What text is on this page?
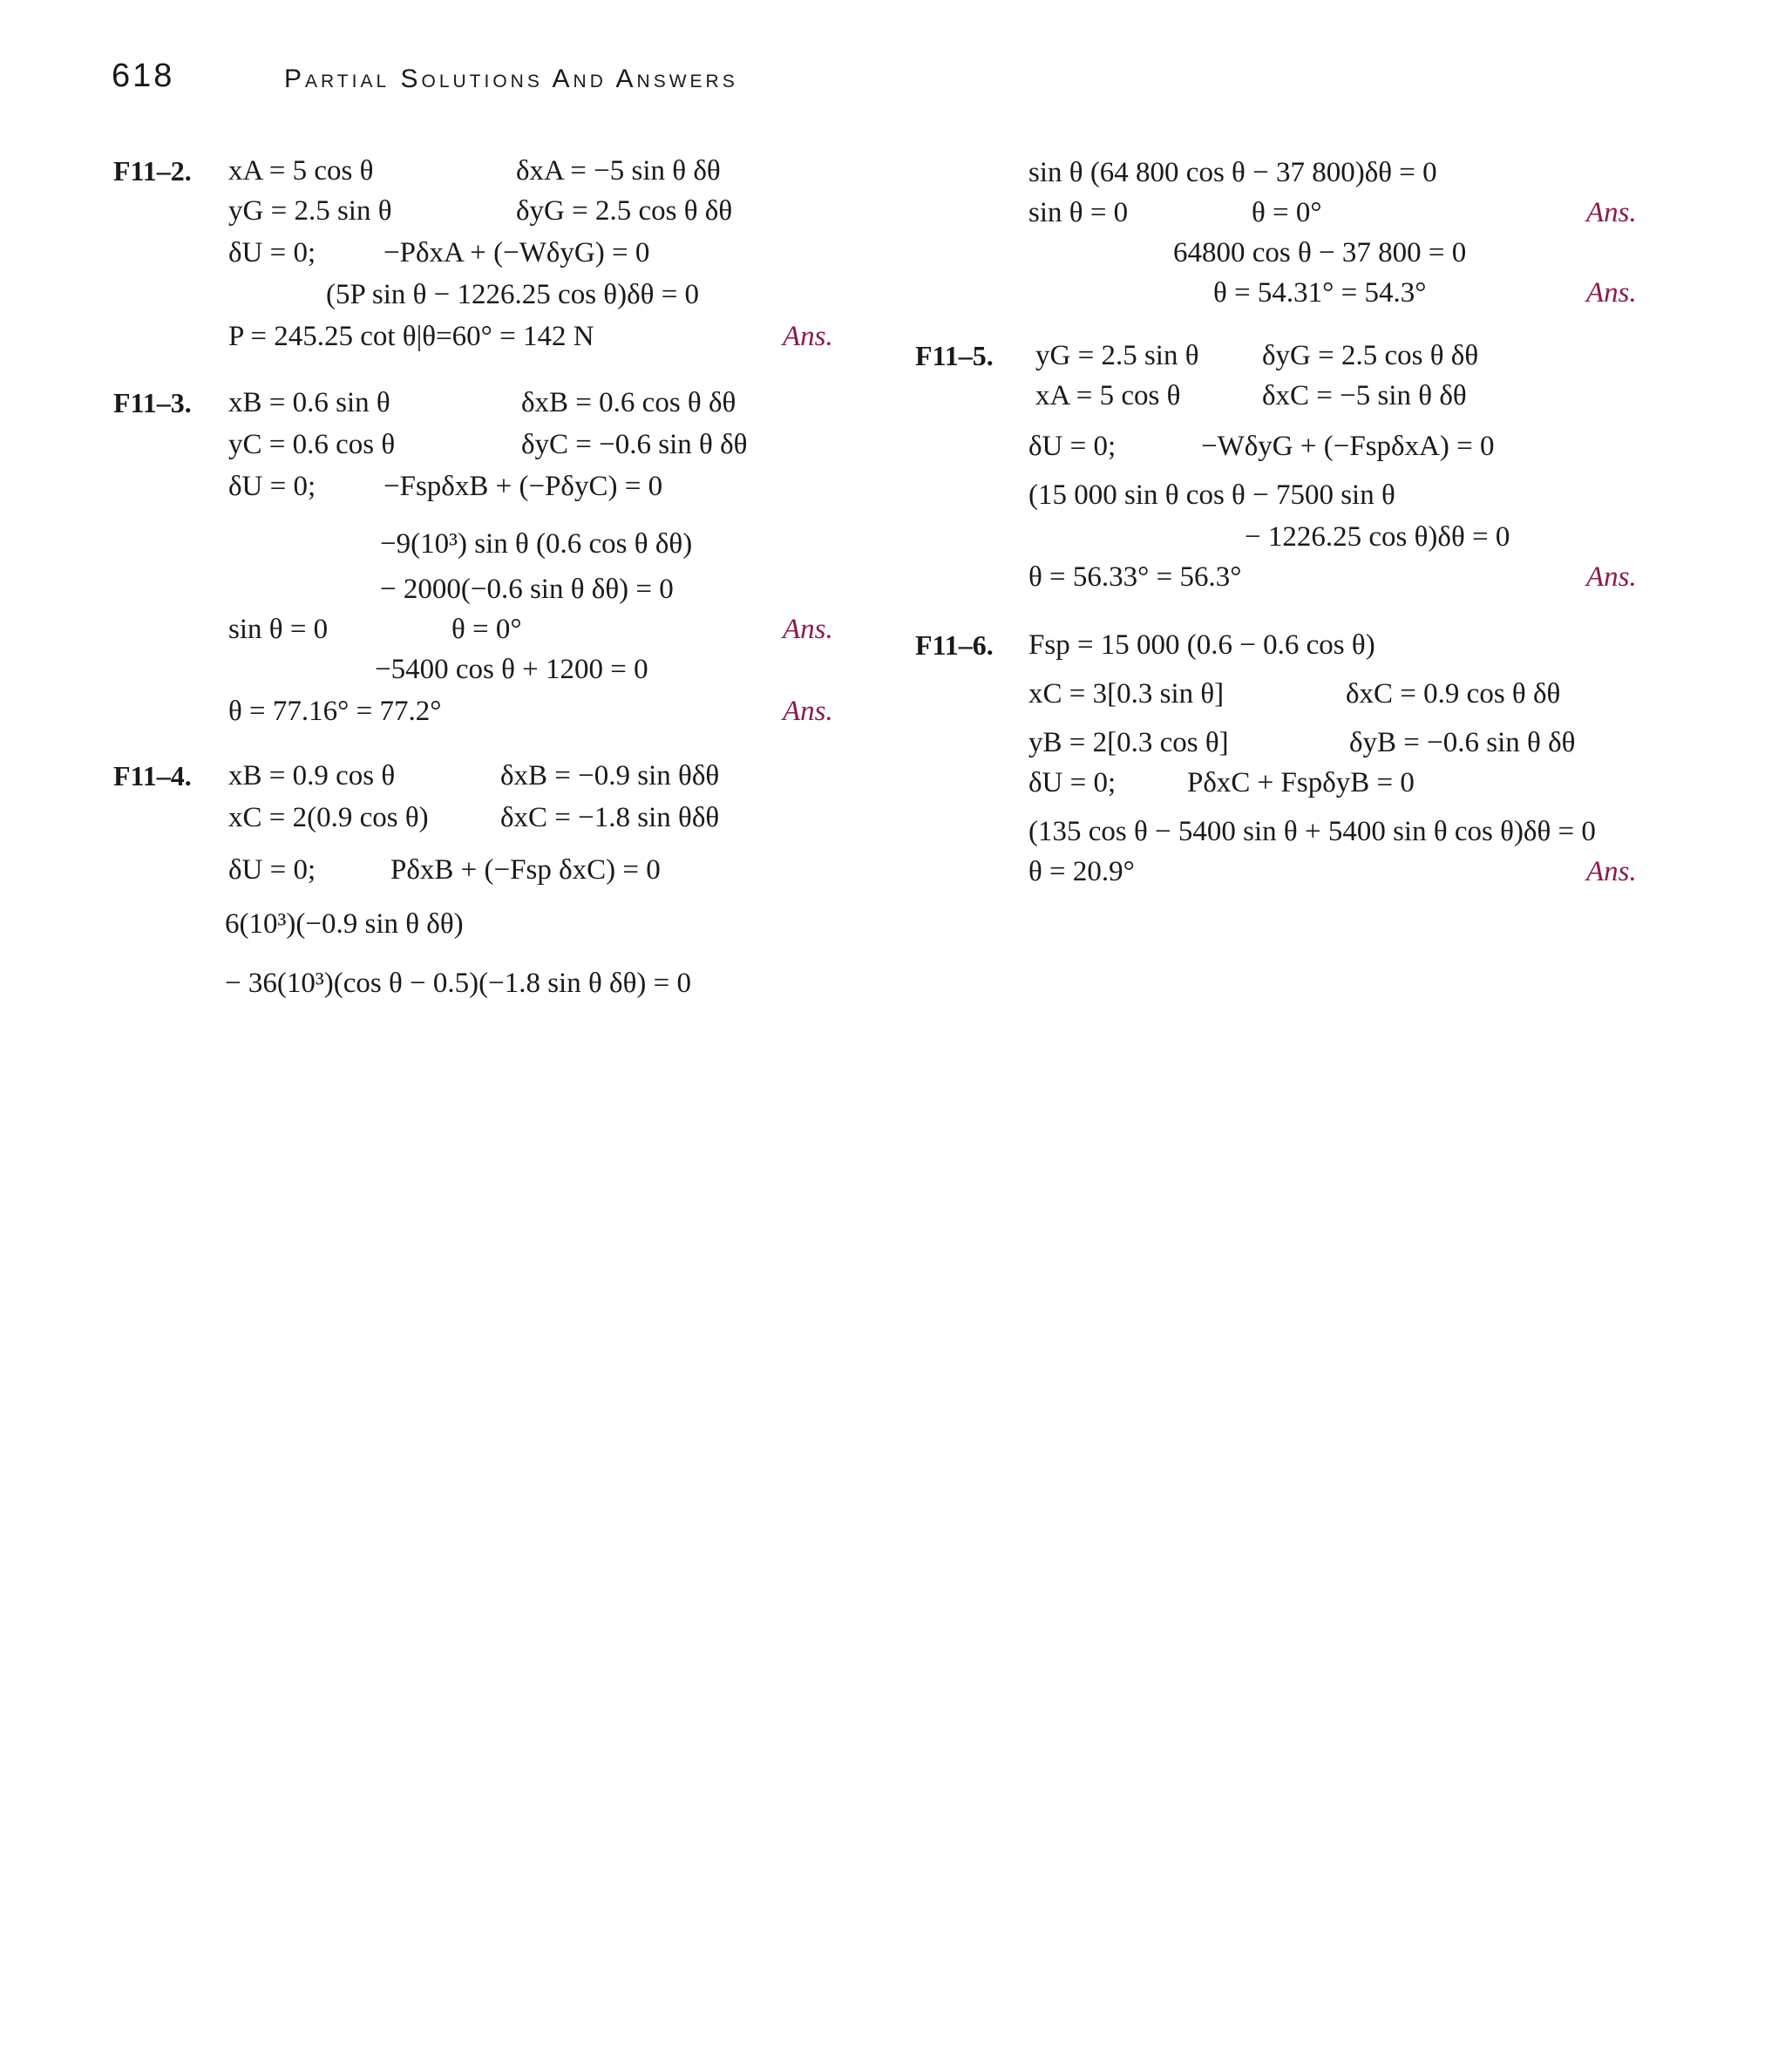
618	Partial Solutions And Answers
F11–2. xA = 5 cos θ	δxA = −5 sin θ δθ
yG = 2.5 sin θ	δyG = 2.5 cos θ δθ
δU = 0; −PδxA + (−WδyG) = 0
(5P sin θ − 1226.25 cos θ)δθ = 0
P = 245.25 cot θ|θ=60° = 142 N	Ans.
F11–3. xB = 0.6 sin θ	δxB = 0.6 cos θ δθ
yC = 0.6 cos θ	δyC = −0.6 sin θ δθ
δU = 0; −FspδxB + (−PδyC) = 0
−9(10³) sin θ (0.6 cos θ δθ)
− 2000(−0.6 sin θ δθ) = 0
sin θ = 0	θ = 0°	Ans.
−5400 cos θ + 1200 = 0
θ = 77.16° = 77.2°	Ans.
F11–4. xB = 0.9 cos θ	δxB = −0.9 sin θδθ
xC = 2(0.9 cos θ) δxC = −1.8 sin θδθ
δU = 0;	PδxB + (−Fsp δxC) = 0
6(10³)(−0.9 sin θ δθ)
− 36(10³)(cos θ − 0.5)(−1.8 sin θ δθ) = 0
sin θ (64 800 cos θ − 37 800)δθ = 0
sin θ = 0	θ = 0°	Ans.
64800 cos θ − 37 800 = 0
θ = 54.31° = 54.3°	Ans.
F11–5. yG = 2.5 sin θ δyG = 2.5 cos θ δθ
xA = 5 cos θ	δxC = −5 sin θ δθ
δU = 0;	−WδyG + (−FspδxA) = 0
(15 000 sin θ cos θ − 7500 sin θ
− 1226.25 cos θ)δθ = 0
θ = 56.33° = 56.3°	Ans.
F11–6. Fsp = 15 000 (0.6 − 0.6 cos θ)
xC = 3[0.3 sin θ]	δxC = 0.9 cos θ δθ
yB = 2[0.3 cos θ]	δyB = −0.6 sin θ δθ
δU = 0; PδxC + FspδyB = 0
(135 cos θ − 5400 sin θ + 5400 sin θ cos θ)δθ = 0
θ = 20.9°	Ans.
